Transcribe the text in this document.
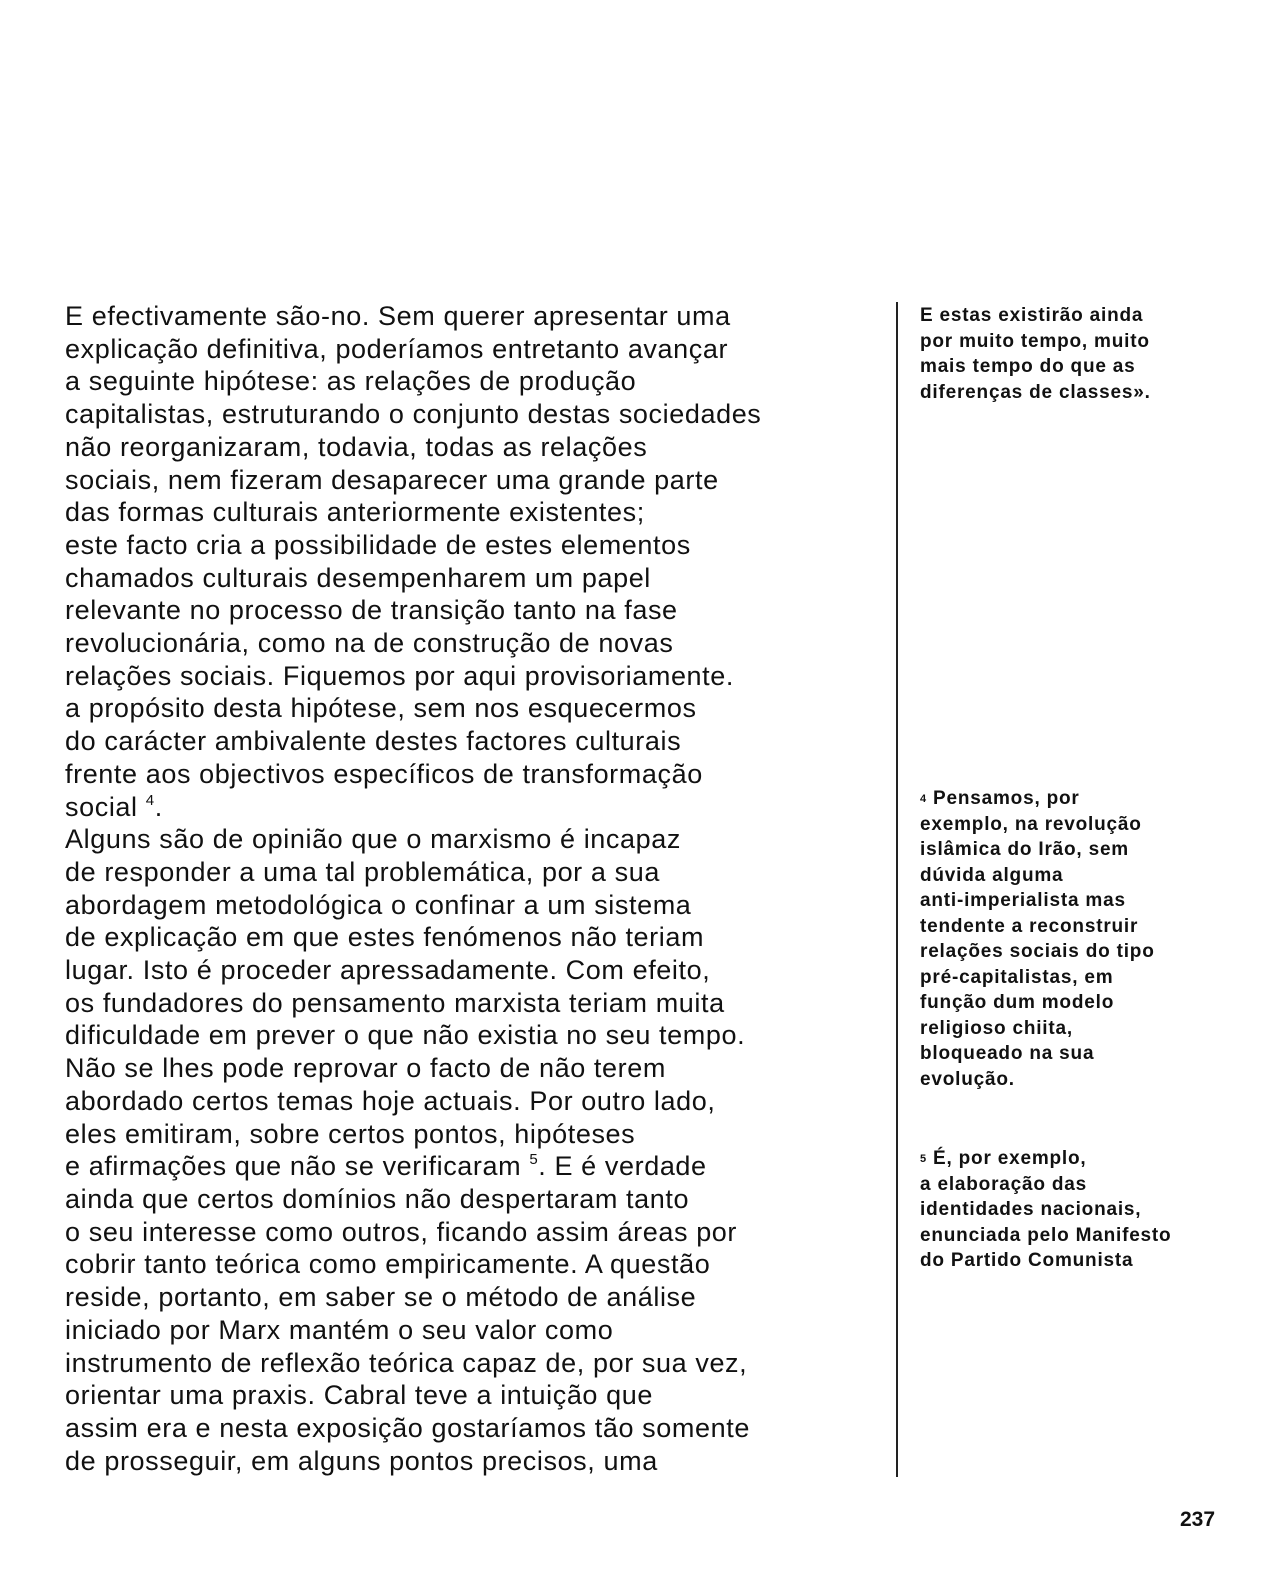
E efectivamente são-no. Sem querer apresentar uma
explicação definitiva, poderíamos entretanto avançar
a seguinte hipótese: as relações de produção
capitalistas, estruturando o conjunto destas sociedades
não reorganizaram, todavia, todas as relações
sociais, nem fizeram desaparecer uma grande parte
das formas culturais anteriormente existentes;
este facto cria a possibilidade de estes elementos
chamados culturais desempenharem um papel
relevante no processo de transição tanto na fase
revolucionária, como na de construção de novas
relações sociais. Fiquemos por aqui provisoriamente.
a propósito desta hipótese, sem nos esquecermos
do carácter ambivalente destes factores culturais
frente aos objectivos específicos de transformação
social $^4$.
Alguns são de opinião que o marxismo é incapaz
de responder a uma tal problemática, por a sua
abordagem metodológica o confinar a um sistema
de explicação em que estes fenómenos não teriam
lugar. Isto é proceder apressadamente. Com efeito,
os fundadores do pensamento marxista teriam muita
dificuldade em prever o que não existia no seu tempo.
Não se lhes pode reprovar o facto de não terem
abordado certos temas hoje actuais. Por outro lado,
eles emitiram, sobre certos pontos, hipóteses
e afirmações que não se verificaram $^5$. E é verdade
ainda que certos domínios não despertaram tanto
o seu interesse como outros, ficando assim áreas por
cobrir tanto teórica como empiricamente. A questão
reside, portanto, em saber se o método de análise
iniciado por Marx mantém o seu valor como
instrumento de reflexão teórica capaz de, por sua vez,
orientar uma praxis. Cabral teve a intuição que
assim era e nesta exposição gostaríamos tão somente
de prosseguir, em alguns pontos precisos, uma
E estas existirão ainda
por muito tempo, muito
mais tempo do que as
diferenças de classes».
$^4$ Pensamos, por
exemplo, na revolução
islâmica do Irão, sem
dúvida alguma
anti-imperialista mas
tendente a reconstruir
relações sociais do tipo
pré-capitalistas, em
função dum modelo
religioso chiita,
bloqueado na sua
evolução.
$^5$ É, por exemplo,
a elaboração das
identidades nacionais,
enunciada pelo Manifesto
do Partido Comunista
237
